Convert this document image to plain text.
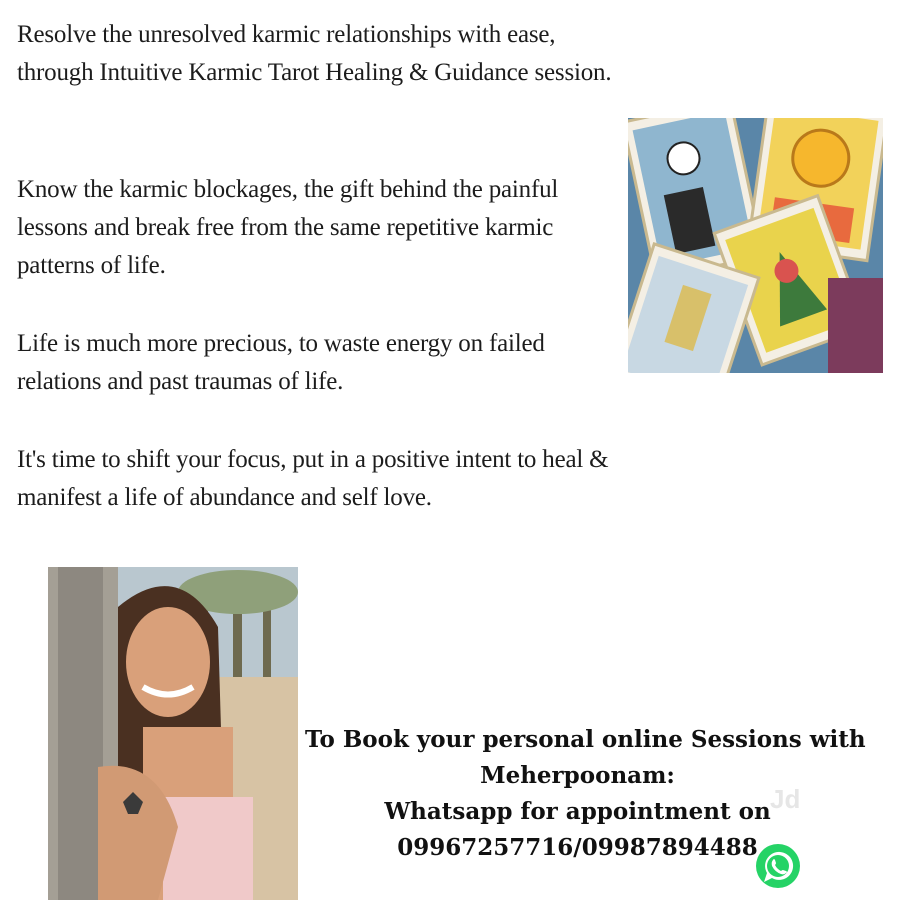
Resolve the unresolved karmic relationships with ease, through Intuitive Karmic Tarot Healing & Guidance session.

Know the karmic blockages, the gift behind the painful lessons and break free from the same repetitive karmic patterns of life.

Life is much more precious, to waste energy on failed relations and past traumas of life.

It's time to shift your focus, put in a positive intent to heal & manifest a life of abundance and self love.

To Book your personal online Sessions with
Meherpoonam:
Whatsapp for appointment on
09967257716/09987894488
Jd
